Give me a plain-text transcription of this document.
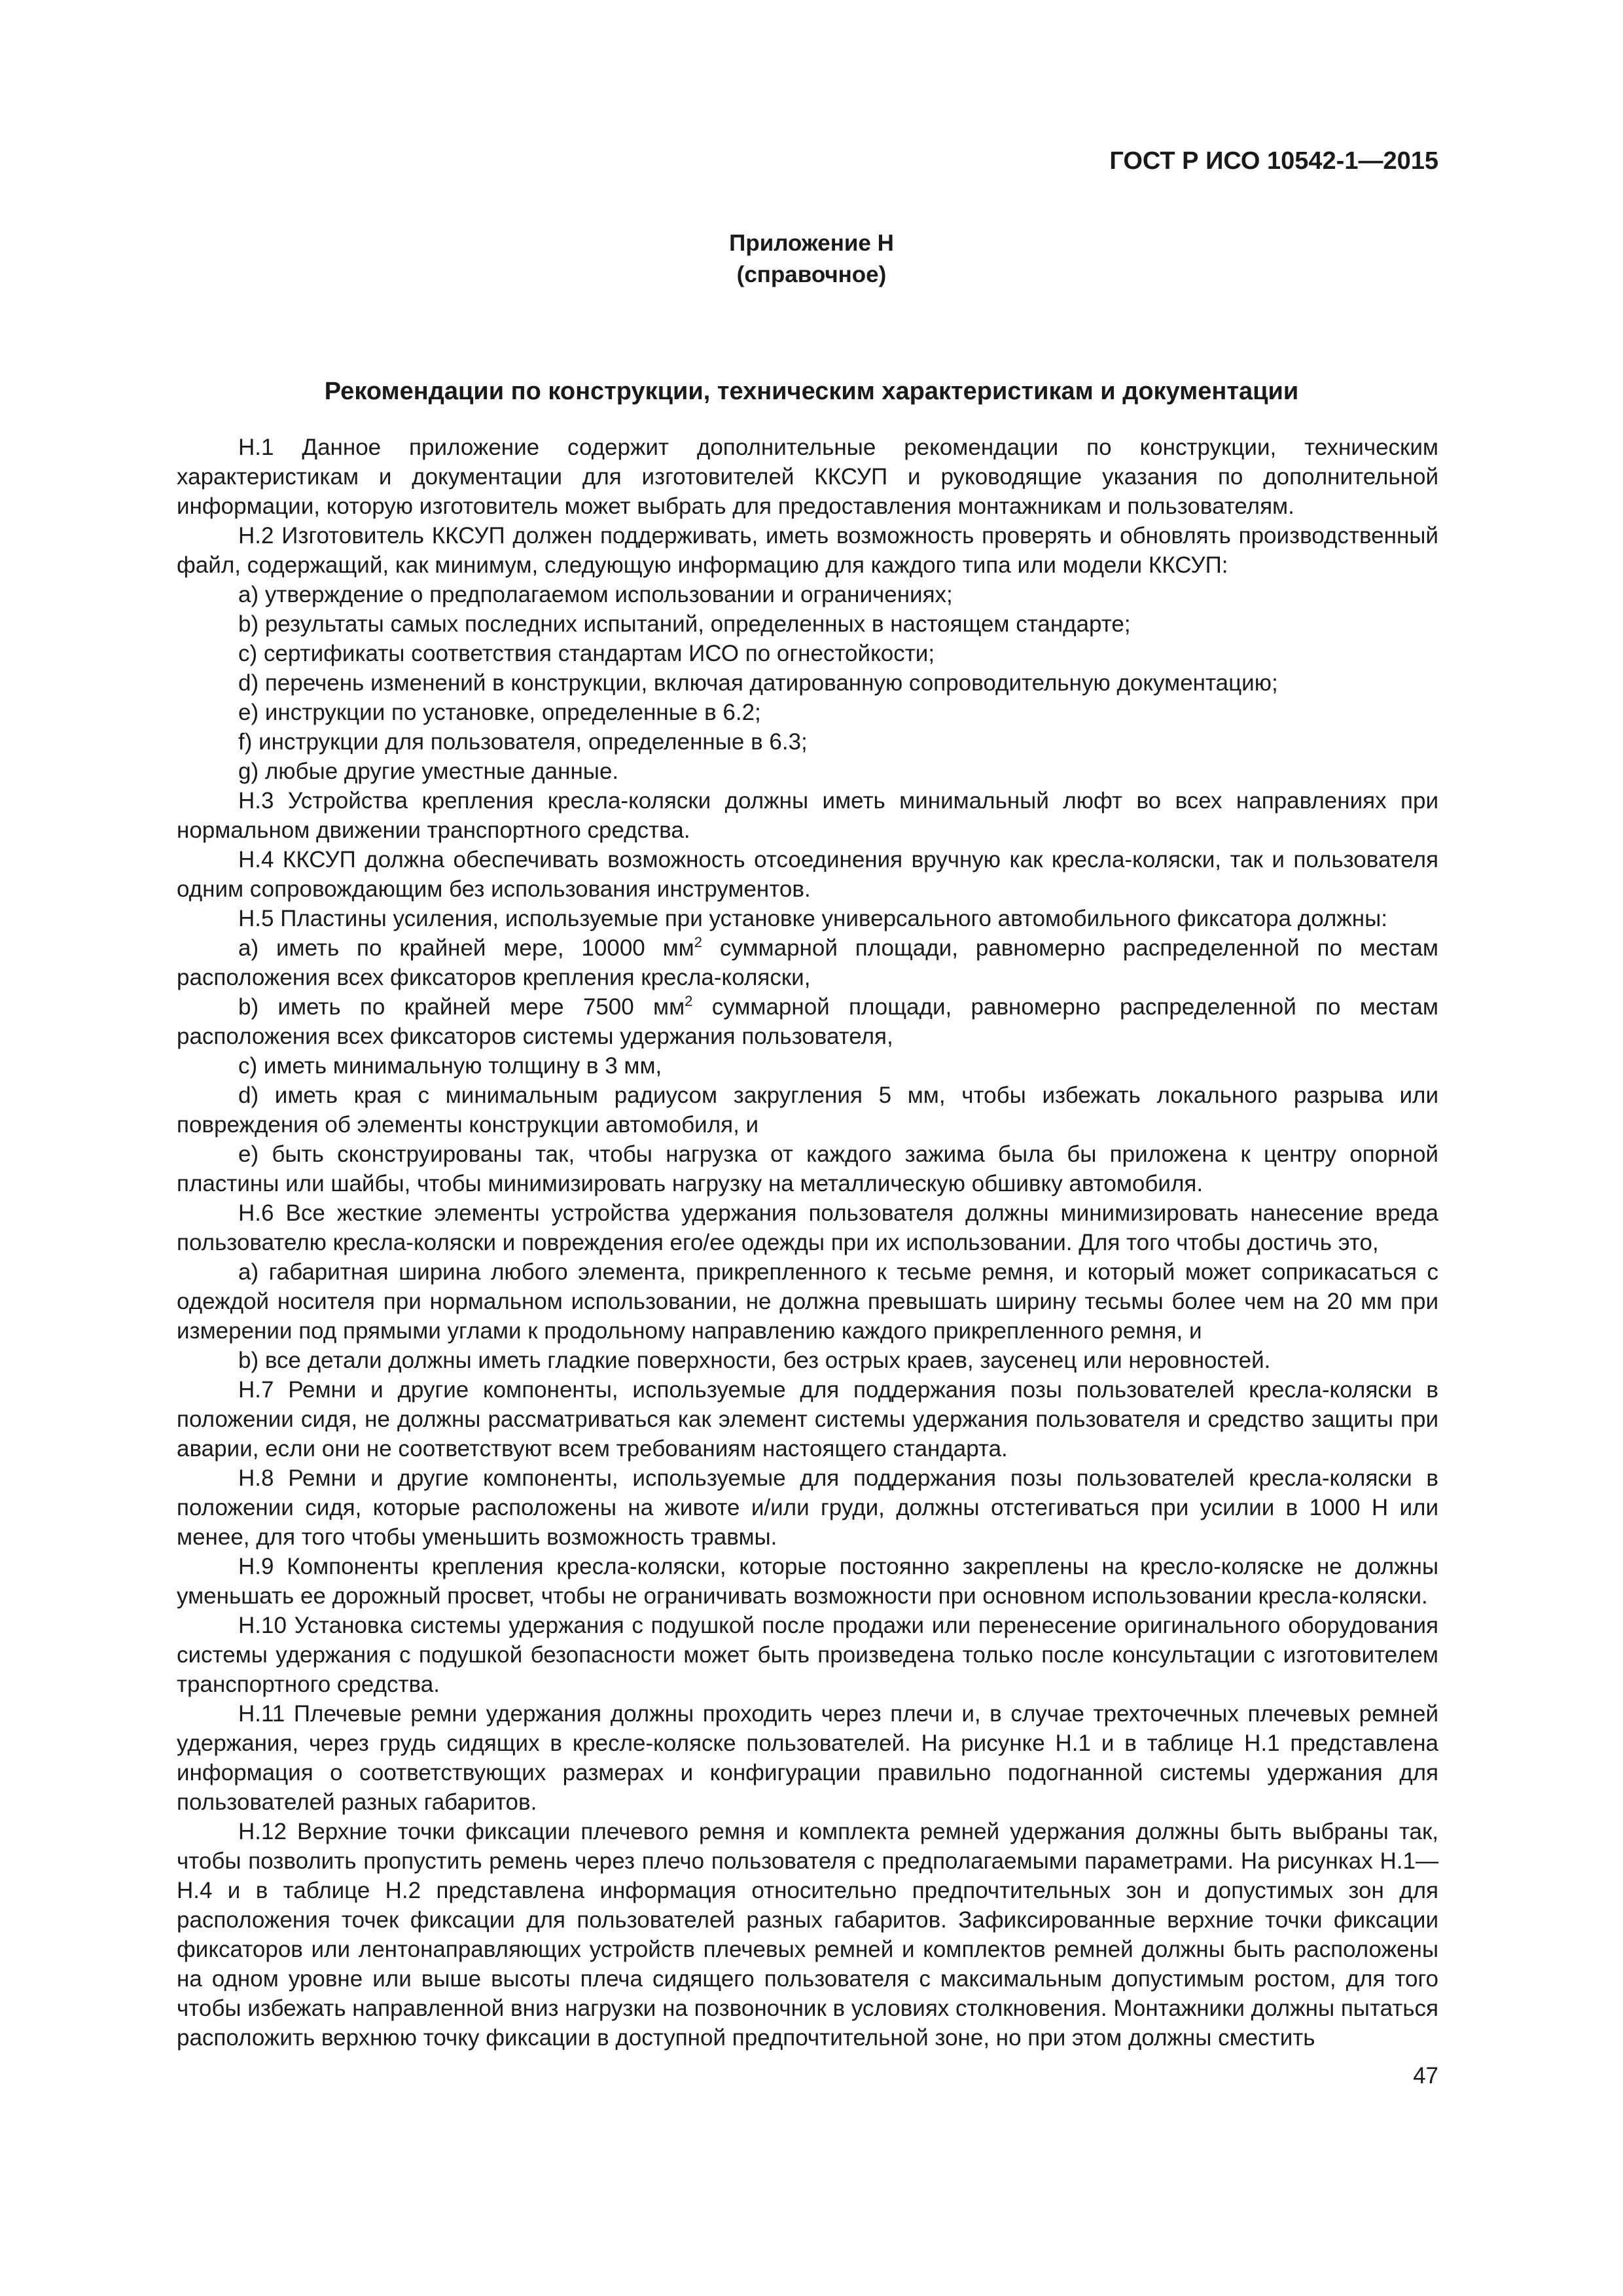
ГОСТ Р ИСО 10542-1—2015
Приложение Н
(справочное)
Рекомендации по конструкции, техническим характеристикам и документации

Н.1 Данное приложение содержит дополнительные рекомендации по конструкции, техническим характеристикам и документации для изготовителей ККСУП и руководящие указания по дополнительной информации, которую изготовитель может выбрать для предоставления монтажникам и пользователям.

Н.2 Изготовитель ККСУП должен поддерживать, иметь возможность проверять и обновлять производственный файл, содержащий, как минимум, следующую информацию для каждого типа или модели ККСУП:

a) утверждение о предполагаемом использовании и ограничениях;

b) результаты самых последних испытаний, определенных в настоящем стандарте;

c) сертификаты соответствия стандартам ИСО по огнестойкости;

d) перечень изменений в конструкции, включая датированную сопроводительную документацию;

e) инструкции по установке, определенные в 6.2;

f) инструкции для пользователя, определенные в 6.3;

g) любые другие уместные данные.

Н.3 Устройства крепления кресла-коляски должны иметь минимальный люфт во всех направлениях при нормальном движении транспортного средства.

Н.4 ККСУП должна обеспечивать возможность отсоединения вручную как кресла-коляски, так и пользователя одним сопровождающим без использования инструментов.

Н.5 Пластины усиления, используемые при установке универсального автомобильного фиксатора должны:

a) иметь по крайней мере, 10000 $мм^2$ суммарной площади, равномерно распределенной по местам расположения всех фиксаторов крепления кресла-коляски,

b) иметь по крайней мере 7500 $мм^2$ суммарной площади, равномерно распределенной по местам расположения всех фиксаторов системы удержания пользователя,

c) иметь минимальную толщину в 3 мм,

d) иметь края с минимальным радиусом закругления 5 мм, чтобы избежать локального разрыва или повреждения об элементы конструкции автомобиля, и

e) быть сконструированы так, чтобы нагрузка от каждого зажима была бы приложена к центру опорной пластины или шайбы, чтобы минимизировать нагрузку на металлическую обшивку автомобиля.

Н.6 Все жесткие элементы устройства удержания пользователя должны минимизировать нанесение вреда пользователю кресла-коляски и повреждения его/ее одежды при их использовании. Для того чтобы достичь это,

a) габаритная ширина любого элемента, прикрепленного к тесьме ремня, и который может соприкасаться с одеждой носителя при нормальном использовании, не должна превышать ширину тесьмы более чем на 20 мм при измерении под прямыми углами к продольному направлению каждого прикрепленного ремня, и

b) все детали должны иметь гладкие поверхности, без острых краев, заусенец или неровностей.

Н.7 Ремни и другие компоненты, используемые для поддержания позы пользователей кресла-коляски в положении сидя, не должны рассматриваться как элемент системы удержания пользователя и средство защиты при аварии, если они не соответствуют всем требованиям настоящего стандарта.

Н.8 Ремни и другие компоненты, используемые для поддержания позы пользователей кресла-коляски в положении сидя, которые расположены на животе и/или груди, должны отстегиваться при усилии в 1000 Н или менее, для того чтобы уменьшить возможность травмы.

Н.9 Компоненты крепления кресла-коляски, которые постоянно закреплены на кресло-коляске не должны уменьшать ее дорожный просвет, чтобы не ограничивать возможности при основном использовании кресла-коляски.

Н.10 Установка системы удержания с подушкой после продажи или перенесение оригинального оборудования системы удержания с подушкой безопасности может быть произведена только после консультации с изготовителем транспортного средства.

Н.11 Плечевые ремни удержания должны проходить через плечи и, в случае трехточечных плечевых ремней удержания, через грудь сидящих в кресле-коляске пользователей. На рисунке Н.1 и в таблице Н.1 представлена информация о соответствующих размерах и конфигурации правильно подогнанной системы удержания для пользователей разных габаритов.

Н.12 Верхние точки фиксации плечевого ремня и комплекта ремней удержания должны быть выбраны так, чтобы позволить пропустить ремень через плечо пользователя с предполагаемыми параметрами. На рисунках Н.1—Н.4 и в таблице Н.2 представлена информация относительно предпочтительных зон и допустимых зон для расположения точек фиксации для пользователей разных габаритов. Зафиксированные верхние точки фиксации фиксаторов или лентонаправляющих устройств плечевых ремней и комплектов ремней должны быть расположены на одном уровне или выше высоты плеча сидящего пользователя с максимальным допустимым ростом, для того чтобы избежать направленной вниз нагрузки на позвоночник в условиях столкновения. Монтажники должны пытаться расположить верхнюю точку фиксации в доступной предпочтительной зоне, но при этом должны сместить

47
